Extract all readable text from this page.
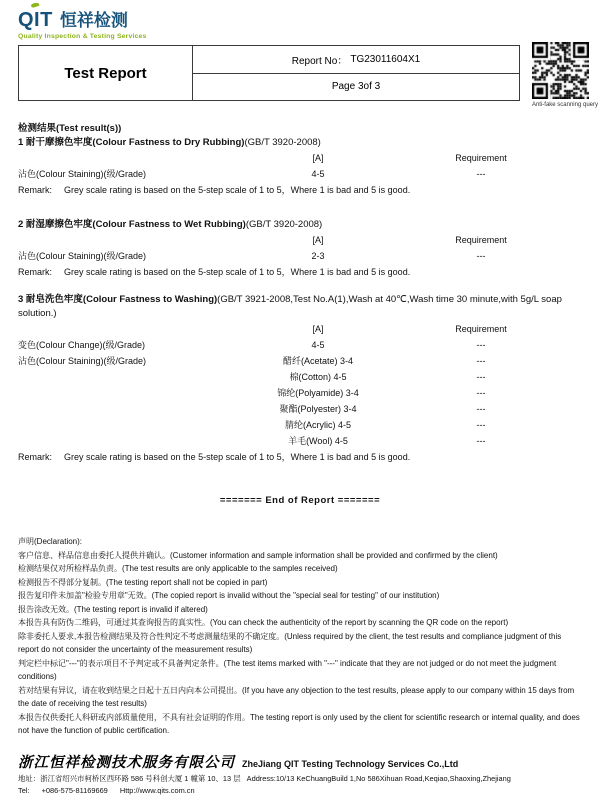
QIT 恒祥检测
Quality Inspection & Testing Services
Test Report
Report No： TG23011604X1
Page 3of 3
Anti-fake scanning query
检测结果(Test result(s))
1 耐干摩擦色牢度(Colour Fastness to Dry Rubbing)(GB/T 3920-2008)
[A]	Requirement
沾色(Colour Staining)(级/Grade)	4-5	---
Remark:	Grey scale rating is based on the 5-step scale of 1 to 5，Where 1 is bad and 5 is good.
2 耐湿摩擦色牢度(Colour Fastness to Wet Rubbing)(GB/T 3920-2008)
[A]	Requirement
沾色(Colour Staining)(级/Grade)	2-3	---
Remark:	Grey scale rating is based on the 5-step scale of 1 to 5，Where 1 is bad and 5 is good.
3 耐皂洗色牢度(Colour Fastness to Washing)(GB/T 3921-2008,Test No.A(1),Wash at 40℃,Wash time 30 minute,with 5g/L soap solution.)
[A]	Requirement
变色(Colour Change)(级/Grade)	4-5	---
沾色(Colour Staining)(级/Grade)	醋纤(Acetate) 3-4	---
棉(Cotton) 4-5	---
锦纶(Polyamide) 3-4	---
聚酯(Polyester) 3-4	---
腈纶(Acrylic) 4-5	---
羊毛(Wool) 4-5	---
Remark:	Grey scale rating is based on the 5-step scale of 1 to 5，Where 1 is bad and 5 is good.
======= End of Report =======

声明(Declaration):

客户信息、样品信息由委托人提供并确认。(Customer information and sample information shall be provided and confirmed by the client)

检测结果仅对所检样品负责。(The test results are only applicable to the samples received)

检测报告不得部分复制。(The testing report shall not be copied in part)

报告复印件未加盖"检验专用章"无效。(The copied report is invalid without the "special seal for testing" of our institution)

报告涂改无效。(The testing report is invalid if altered)

本报告具有防伪二维码，可通过其查询报告的真实性。(You can check the authenticity of the report by scanning the QR code on the report)

除非委托人要求,本报告检测结果及符合性判定不考虑测量结果的不确定度。(Unless required by the client, the test results and compliance judgment of this report do not consider the uncertainty of the measurement results)

判定栏中标记"---"的表示项目不予判定或不具备判定条件。(The test items marked with "---" indicate that they are not judged or do not meet the judgment conditions)

若对结果有异议，请在收到结果之日起十五日内向本公司提出。(If you have any objection to the test results, please apply to our company within 15 days from the date of receiving the test results)

本报告仅供委托人科研或内部质量使用，不具有社会证明的作用。The testing report is only used by the client for scientific research or internal quality, and does not have the function of public certification.

浙江恒祥检测技术服务有限公司 ZheJiang QIT Testing Technology Services Co.,Ltd
地址：浙江省绍兴市柯桥区西环路 586 号科创大厦 1 幢第 10、13 层 Address:10/13 KeChuangBuild 1,No 586Xihuan Road,Keqiao,Shaoxing,Zhejiang
Tel: +086-575-81169669 Http://www.qits.com.cn
